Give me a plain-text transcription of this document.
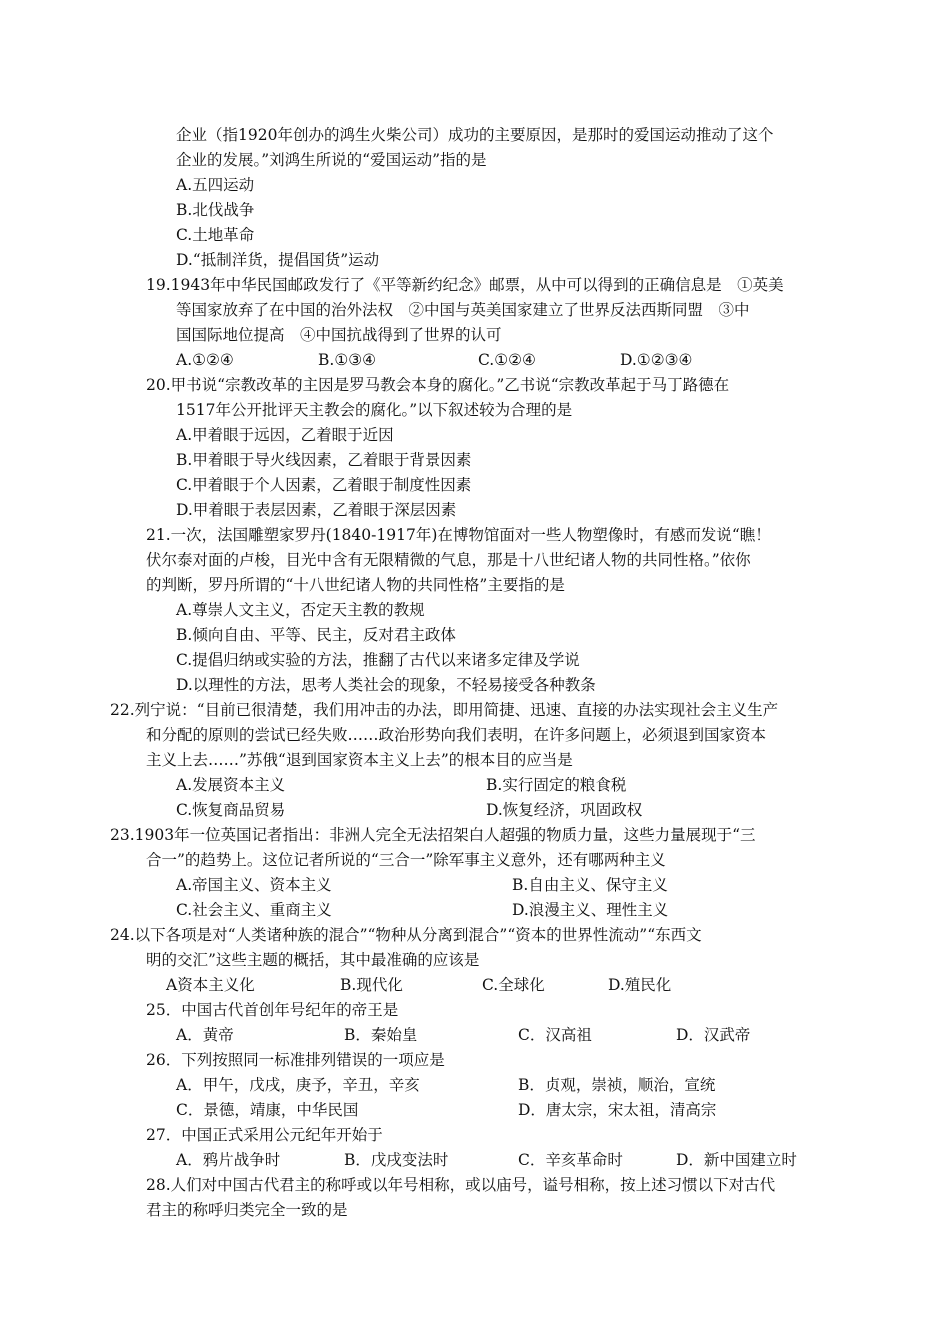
企业（指1920年创办的鸿生火柴公司）成功的主要原因，是那时的爱国运动推动了这个
企业的发展。”刘鸿生所说的“爱国运动”指的是
A.五四运动
B.北伐战争
C.土地革命
D.“抵制洋货，提倡国货”运动
19.1943年中华民国邮政发行了《平等新约纪念》邮票，从中可以得到的正确信息是　①英美
等国家放弃了在中国的治外法权　②中国与英美国家建立了世界反法西斯同盟　③中
国国际地位提高　④中国抗战得到了世界的认可
A.①②④	B.①③④	C.①②④	D.①②③④
20.甲书说“宗教改革的主因是罗马教会本身的腐化。”乙书说“宗教改革起于马丁路德在
1517年公开批评天主教会的腐化。”以下叙述较为合理的是
A.甲着眼于远因，乙着眼于近因
B.甲着眼于导火线因素，乙着眼于背景因素
C.甲着眼于个人因素，乙着眼于制度性因素
D.甲着眼于表层因素，乙着眼于深层因素
21.一次，法国雕塑家罗丹(1840-1917年)在博物馆面对一些人物塑像时，有感而发说“瞧！
伏尔泰对面的卢梭，目光中含有无限精微的气息，那是十八世纪诸人物的共同性格。”依你
的判断，罗丹所谓的“十八世纪诸人物的共同性格”主要指的是
A.尊崇人文主义，否定天主教的教规
B.倾向自由、平等、民主，反对君主政体
C.提倡归纳或实验的方法，推翻了古代以来诸多定律及学说
D.以理性的方法，思考人类社会的现象，不轻易接受各种教条
22.列宁说：“目前已很清楚，我们用冲击的办法，即用简捷、迅速、直接的办法实现社会主义生产
和分配的原则的尝试已经失败……政治形势向我们表明，在许多问题上，必须退到国家资本
主义上去……”苏俄“退到国家资本主义上去”的根本目的应当是
A.发展资本主义	B.实行固定的粮食税
C.恢复商品贸易	D.恢复经济，巩固政权
23.1903年一位英国记者指出：非洲人完全无法招架白人超强的物质力量，这些力量展现于“三
合一”的趋势上。这位记者所说的“三合一”除军事主义意外，还有哪两种主义
A.帝国主义、资本主义	B.自由主义、保守主义
C.社会主义、重商主义	D.浪漫主义、理性主义
24.以下各项是对“人类诸种族的混合”“物种从分离到混合”“资本的世界性流动”“东西文
明的交汇”这些主题的概括，其中最准确的应该是
A资本主义化	B.现代化	C.全球化	D.殖民化
25．中国古代首创年号纪年的帝王是
A．黄帝	B．秦始皇	C．汉高祖	D．汉武帝
26．下列按照同一标准排列错误的一项应是
A．甲午，戊戌，庚予，辛丑，辛亥	B．贞观，崇祯，顺治，宣统
C．景德，靖康，中华民国	D．唐太宗，宋太祖，清高宗
27．中国正式采用公元纪年开始于
A．鸦片战争时	B．戊戌变法时	C．辛亥革命时	D．新中国建立时
28.人们对中国古代君主的称呼或以年号相称，或以庙号，谥号相称，按上述习惯以下对古代
君主的称呼归类完全一致的是
